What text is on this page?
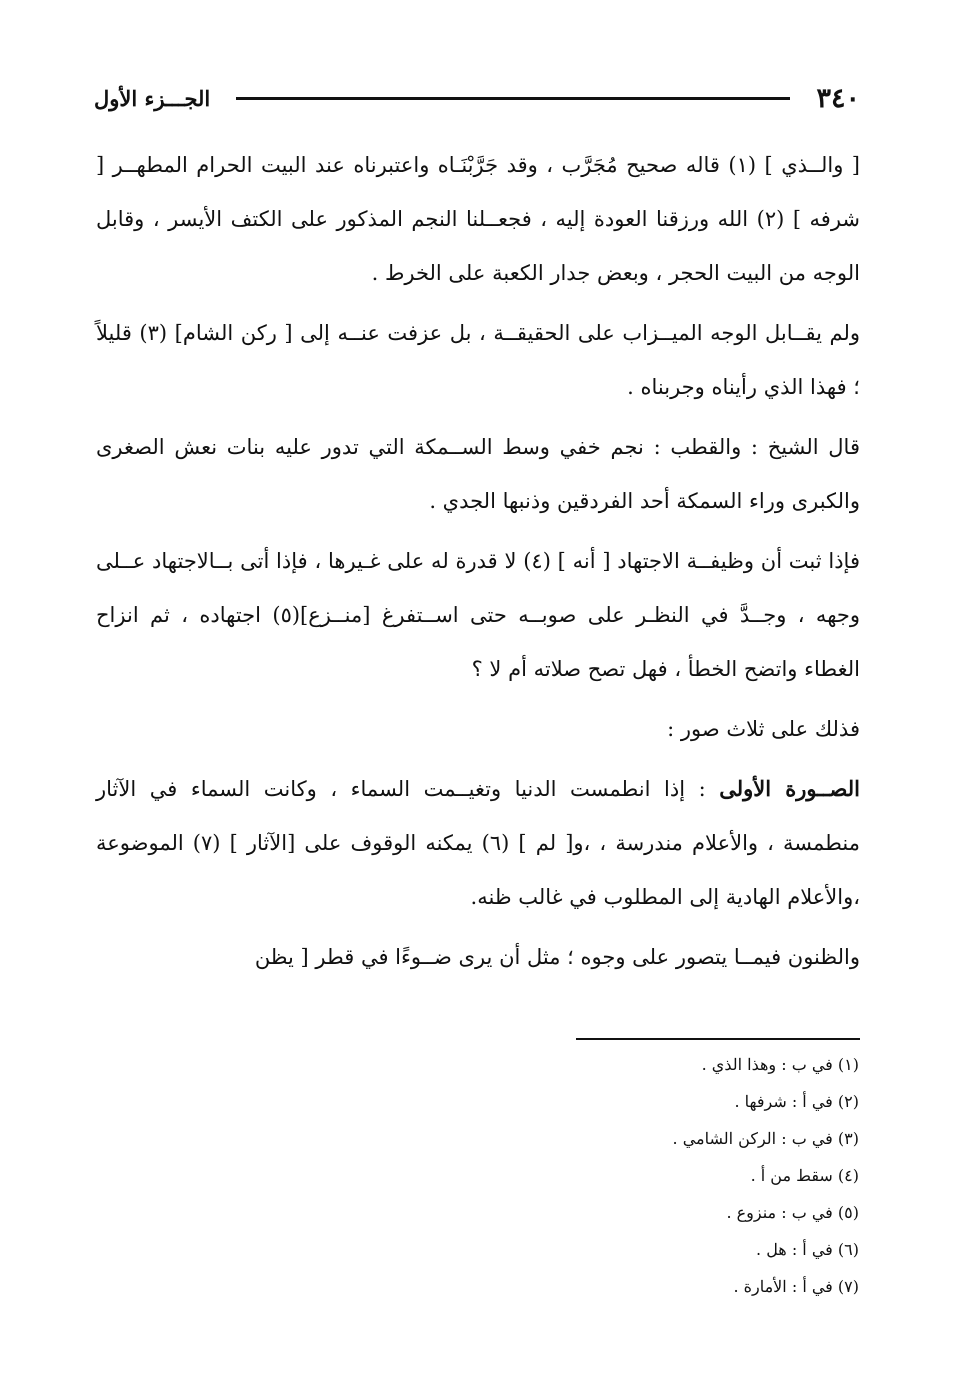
٣٤٠
الجـــزء الأول

[ والــذي ] (١) قاله صحيح مُجَرَّب ، وقد جَرَّبْنَـاه واعتبرناه عند البيت الحرام المطهــر [ شرفه ] (٢) الله ورزقنا العودة إليه ، فجعــلنا النجم المذكور على الكتف الأيسر ، وقابل الوجه من البيت الحجر ، وبعض جدار الكعبة على الخرط .

ولم يقــابل الوجه الميــزاب على الحقيقــة ، بل عزفت عنــه إلى [ ركن الشام] (٣) قليلاً ؛ فهذا الذي رأيناه وجربناه .

قال الشيخ : والقطب : نجم خفي وسط الســمكة التي تدور عليه بنات نعش الصغرى والكبرى وراء السمكة أحد الفردقين وذنبها الجدي .

فإذا ثبت أن وظيفــة الاجتهاد [ أنه ] (٤) لا قدرة له على غـيرها ، فإذا أتى بــالاجتهاد عــلى وجهه ، وجــدَّ في النظـر على صوبــه حتى اســتفرغ [منــزع](٥) اجتهاده ، ثم انزاح الغطاء واتضح الخطأ ، فهل تصح صلاته أم لا ؟

فذلك على ثلاث صور :

الصــورة الأولى : إذا انطمست الدنيا وتغيــمت السماء ، وكانت السماء في الآثار منطمسة ، والأعلام مندرسة ، ،و[ لم ] (٦) يمكنه الوقوف على [الآثار ] (٧) الموضوعة ،والأعلام الهادية إلى المطلوب في غالب ظنه.

والظنون فيمــا يتصور على وجوه ؛ مثل أن يرى ضــوءًا في قطر [ يظن

(١) في ب : وهذا الذي .
(٢) في أ : شرفها .
(٣) في ب : الركن الشامي .
(٤) سقط من أ .
(٥) في ب : منزوع .
(٦) في أ : هل .
(٧) في أ : الأمارة .
